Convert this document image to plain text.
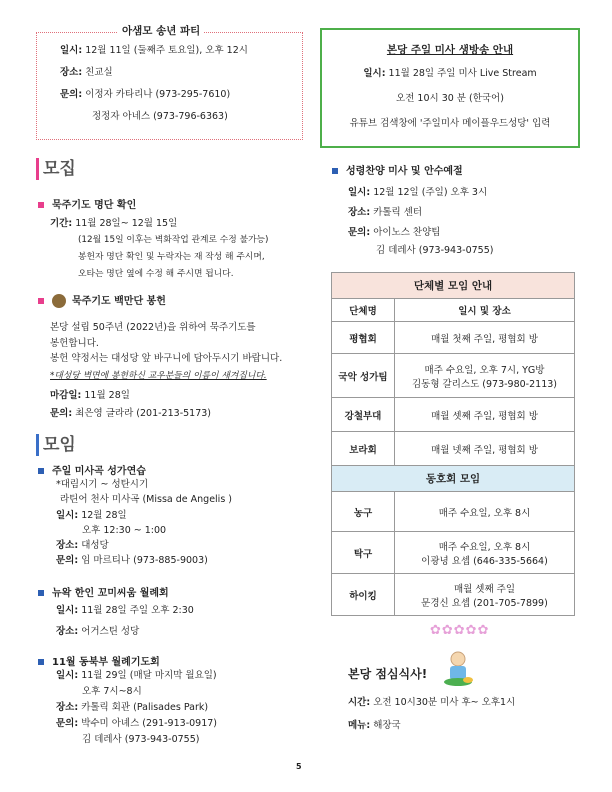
아샘모 송년 파티
일시: 12월 11일 (둘째주 토요일), 오후 12시
장소: 친교실
문의: 이정자 카타리나 (973-295-7610)
정정자 아네스 (973-796-6363)
본당 주일 미사 생방송 안내
일시: 11월 28일 주일 미사 Live Stream
오전 10시 30 분 (한국어)
유튜브 검색창에 '주일미사 메이플우드성당' 입력
모집
묵주기도 명단 확인
기간: 11월 28일~ 12월 15일
(12월 15일 이후는 벽화작업 관계로 수정 불가능)
봉헌자 명단 확인 및 누락자는 재 작성 해 주시며,
오타는 명단 옆에 수정 해 주시면 됩니다.
묵주기도 백만단 봉헌
본당 설립 50주년 (2022년)을 위하여 묵주기도를
봉헌합니다.
봉헌 약정서는 대성당 앞 바구니에 담아두시기 바랍니다.
*대성당 벽면에 봉헌하신 교우분들의 이름이 새겨집니다.
마감일: 11월 28일
문의: 최은영 글라라 (201-213-5173)
모임
주일 미사곡 성가연습
*대림시기 ~ 성탄시기
라틴어 천사 미사곡 (Missa de Angelis )
일시: 12월 28일
오후 12:30 ~ 1:00
장소: 대성당
문의: 임 마르티나 (973-885-9003)
뉴왁 한인 꼬미씨움 월례회
일시: 11월 28일 주일 오후 2:30
장소: 어거스틴 성당
11월 동북부 월례기도회
일시: 11월 29일 (매달 마지막 월요일)
오후 7시~8시
장소: 카톨릭 회관 (Palisades Park)
문의: 박수미 아녜스 (291-913-0917)
김 데레사 (973-943-0755)
성령찬양 미사 및 안수예절
일시: 12월 12일 (주일) 오후 3시
장소: 카톨릭 센터
문의: 아이노스 찬양팀
김 데레사 (973-943-0755)
단체별 모임 안내	
단체명	일시 및 장소
평협회	매월 첫째 주일, 평협회 방
국악 성가팀	매주 수요일, 오후 7시, YG방
김동형 갈리스도 (973-980-2113)

강철부대	매월 셋째 주일, 평협회 방
보라회	매월 넷째 주일, 평협회 방
동호회 모임	
농구	매주 수요일, 오후 8시
탁구	매주 수요일, 오후 8시
이광녕 요셉 (646-335-5664)

하이킹	매월 셋째 주일
문경신 요셉 (201-705-7899)
✿✿✿✿✿
본당 점심식사!
시간: 오전 10시30분 미사 후~ 오후1시
메뉴: 해장국
5
